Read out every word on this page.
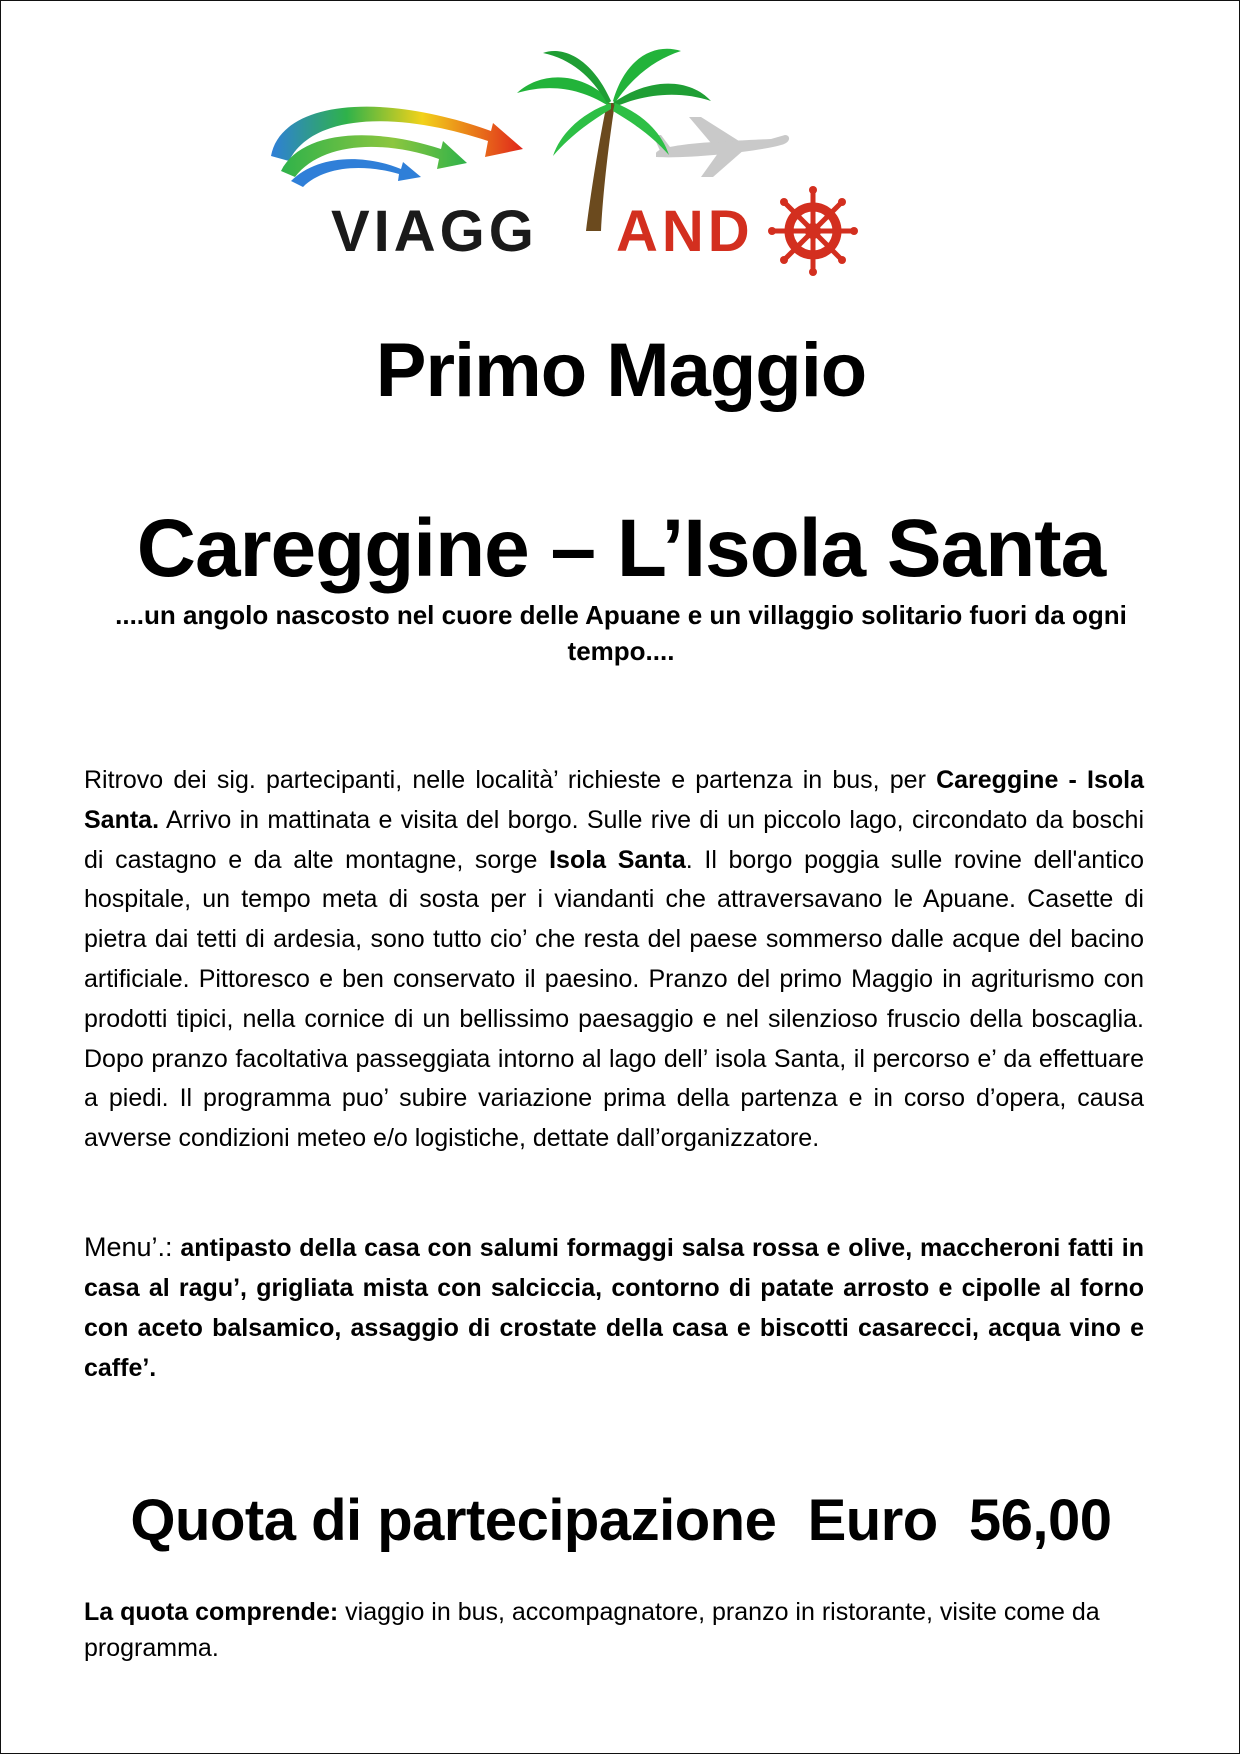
VIAGG AND
Primo Maggio
Careggine – L’Isola Santa
....un angolo nascosto nel cuore delle Apuane e un villaggio solitario fuori da ogni tempo....
Ritrovo dei sig. partecipanti, nelle località’ richieste e partenza in bus, per Careggine - Isola Santa. Arrivo in mattinata e visita del borgo. Sulle rive di un piccolo lago, circondato da boschi di castagno e da alte montagne, sorge Isola Santa. Il borgo poggia sulle rovine dell'antico hospitale, un tempo meta di sosta per i viandanti che attraversavano le Apuane. Casette di pietra dai tetti di ardesia, sono tutto cio’ che resta del paese sommerso dalle acque del bacino artificiale. Pittoresco e ben conservato il paesino. Pranzo del primo Maggio in agriturismo con prodotti tipici, nella cornice di un bellissimo paesaggio e nel silenzioso fruscio della boscaglia. Dopo pranzo facoltativa passeggiata intorno al lago dell’ isola Santa, il percorso e’ da effettuare a piedi. Il programma puo’ subire variazione prima della partenza e in corso d’opera, causa avverse condizioni meteo e/o logistiche, dettate dall’organizzatore.
Menu’.: antipasto della casa con salumi formaggi salsa rossa e olive, maccheroni fatti in casa al ragu’, grigliata mista con salciccia, contorno di patate arrosto e cipolle al forno con aceto balsamico, assaggio di crostate della casa e biscotti casarecci, acqua vino e caffe’.
Quota di partecipazione  Euro  56,00
La quota comprende: viaggio in bus, accompagnatore, pranzo in ristorante, visite come da programma.
